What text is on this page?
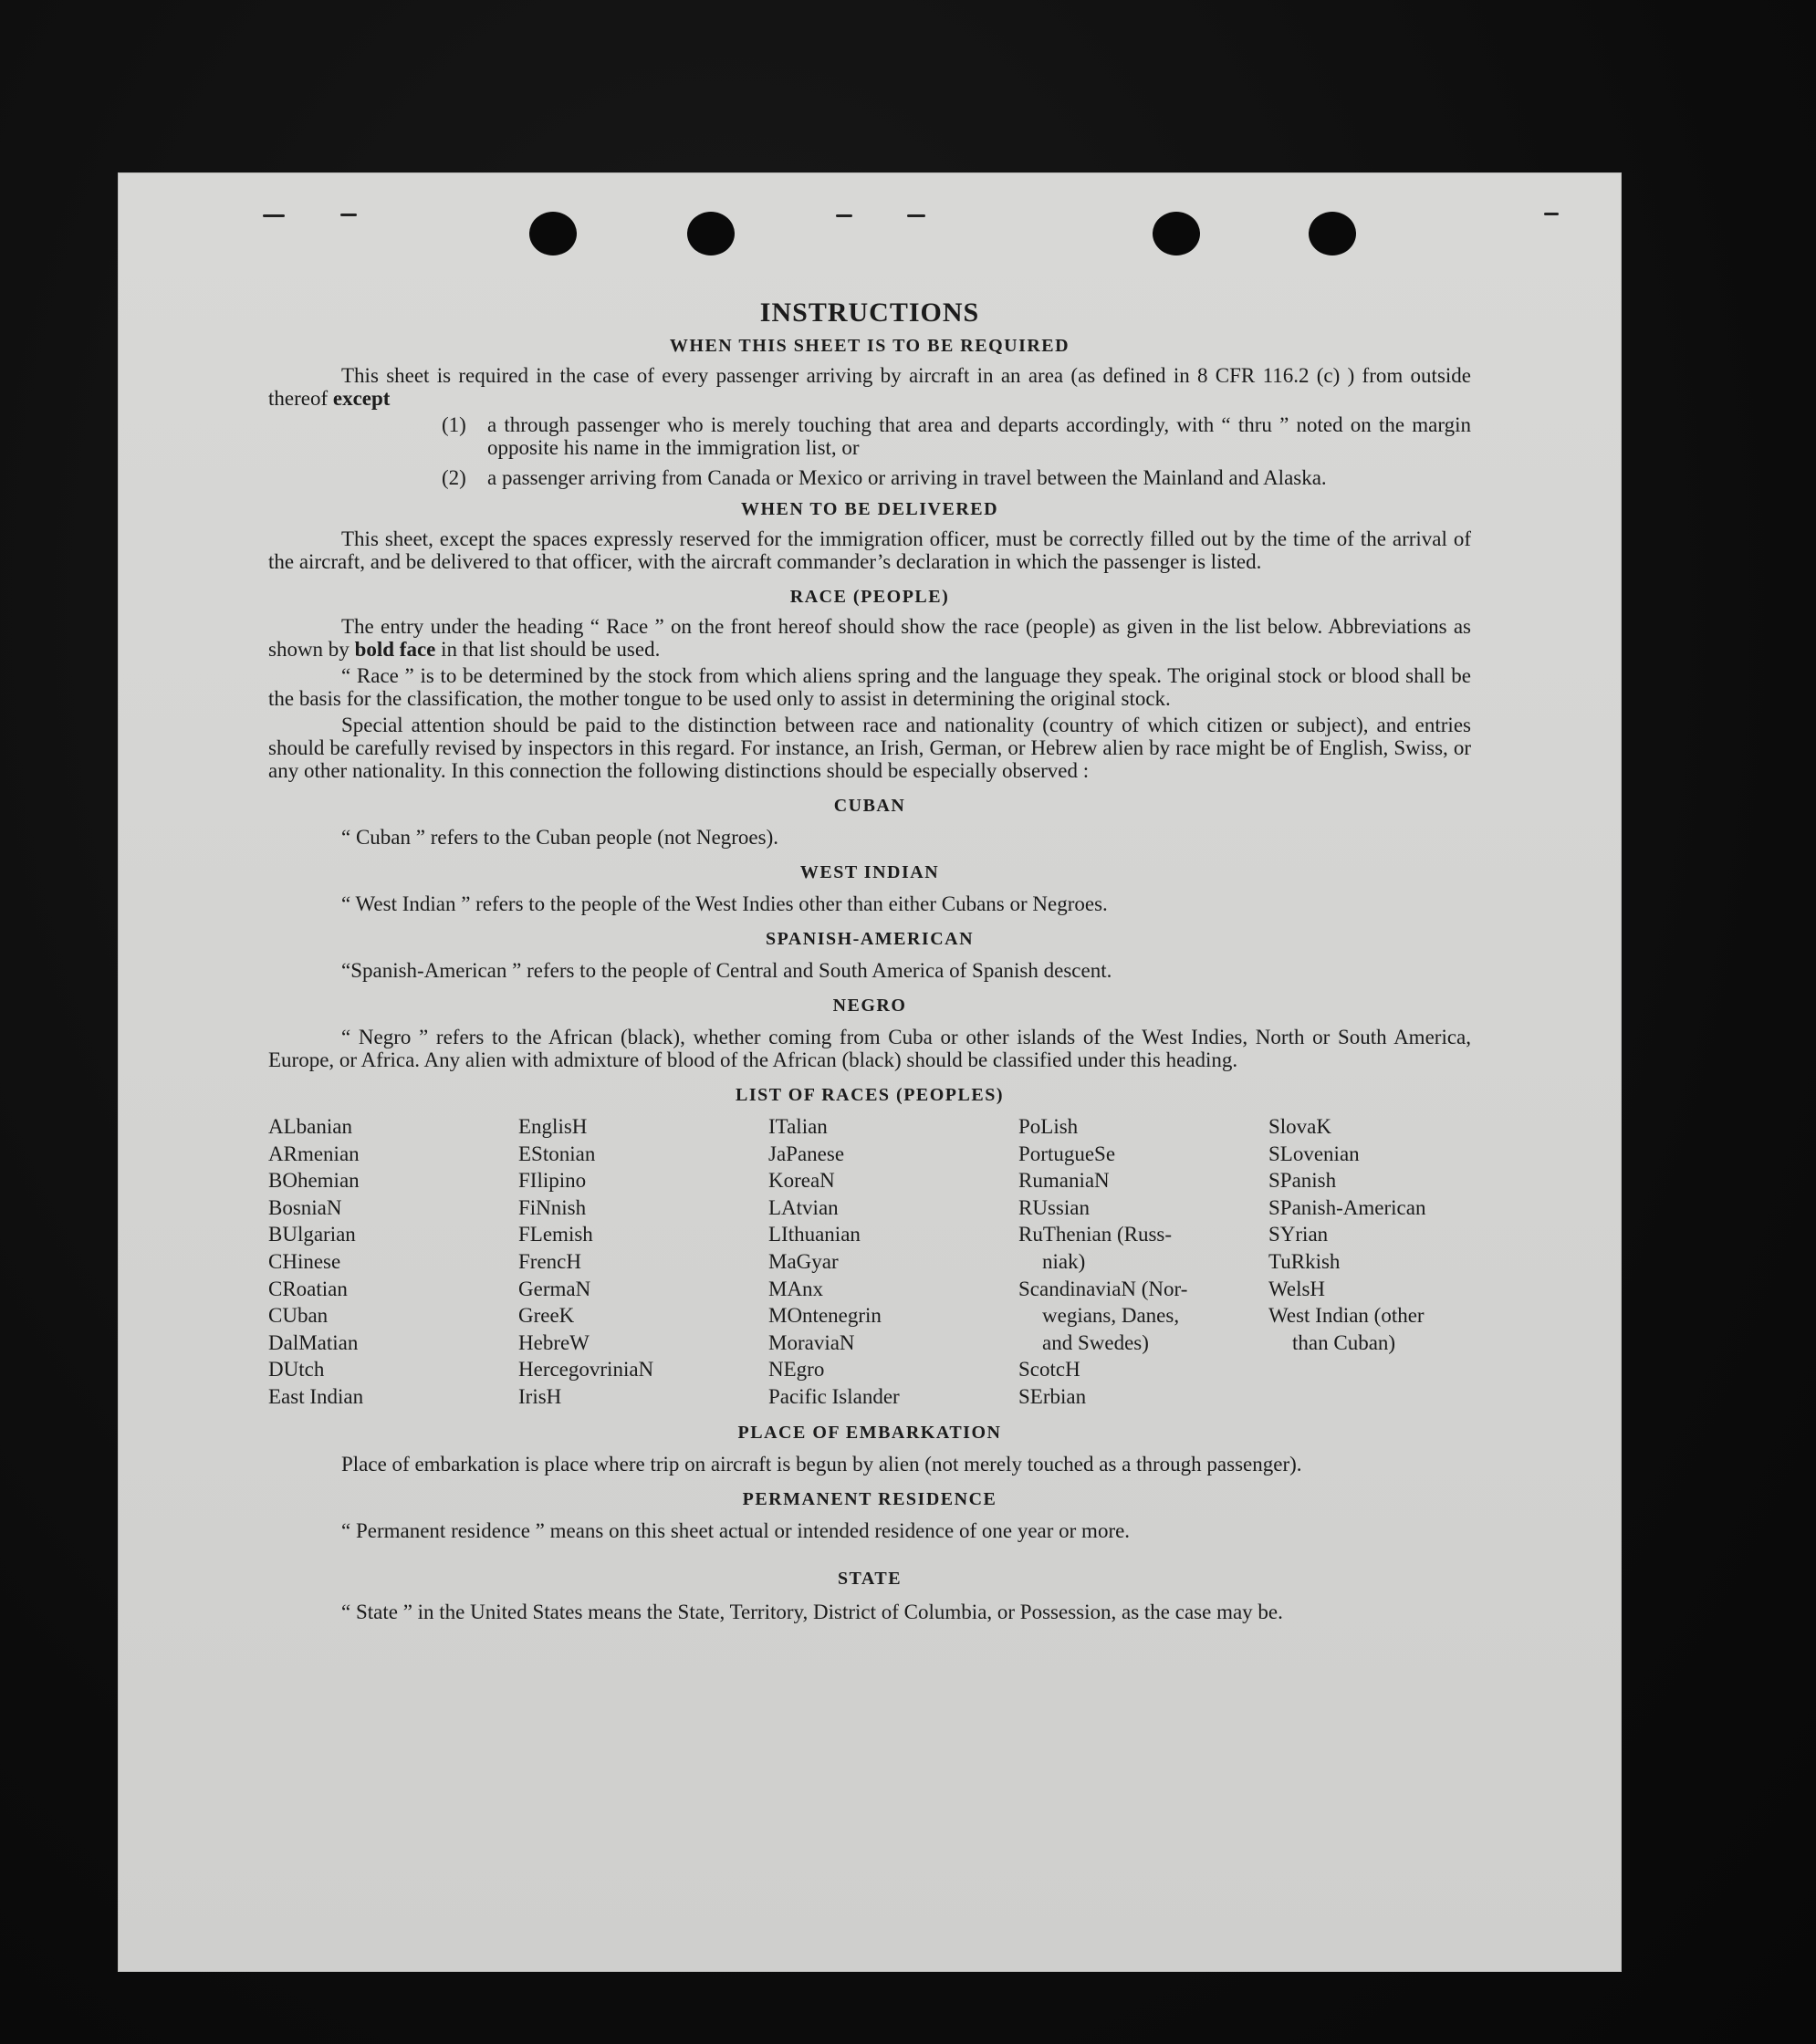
INSTRUCTIONS
WHEN THIS SHEET IS TO BE REQUIRED

This sheet is required in the case of every passenger arriving by aircraft in an area (as defined in 8 CFR 116.2 (c) ) from outside thereof except

(1) a through passenger who is merely touching that area and departs accordingly, with “ thru ” noted on the margin opposite his name in the immigration list, or

(2) a passenger arriving from Canada or Mexico or arriving in travel between the Mainland and Alaska.

WHEN TO BE DELIVERED

This sheet, except the spaces expressly reserved for the immigration officer, must be correctly filled out by the time of the arrival of the aircraft, and be delivered to that officer, with the aircraft commander’s declaration in which the passenger is listed.

RACE (PEOPLE)

The entry under the heading “ Race ” on the front hereof should show the race (people) as given in the list below. Abbreviations as shown by bold face in that list should be used.

“ Race ” is to be determined by the stock from which aliens spring and the language they speak. The original stock or blood shall be the basis for the classification, the mother tongue to be used only to assist in determining the original stock.

Special attention should be paid to the distinction between race and nationality (country of which citizen or subject), and entries should be carefully revised by inspectors in this regard. For instance, an Irish, German, or Hebrew alien by race might be of English, Swiss, or any other nationality. In this connection the following distinctions should be especially observed :

CUBAN

“ Cuban ” refers to the Cuban people (not Negroes).

WEST INDIAN

“ West Indian ” refers to the people of the West Indies other than either Cubans or Negroes.

SPANISH-AMERICAN

“Spanish-American ” refers to the people of Central and South America of Spanish descent.

NEGRO

“ Negro ” refers to the African (black), whether coming from Cuba or other islands of the West Indies, North or South America, Europe, or Africa. Any alien with admixture of blood of the African (black) should be classified under this heading.

LIST OF RACES (PEOPLES)
ALbanian
ARmenian
BOhemian
BosniaN
BUlgarian
CHinese
CRoatian
CUban
DalMatian
DUtch
East Indian
EnglisH
EStonian
FIlipino
FiNnish
FLemish
FrencH
GermaN
GreeK
HebreW
HercegovriniaN
IrisH
ITalian
JaPanese
KoreaN
LAtvian
LIthuanian
MaGyar
MAnx
MOntenegrin
MoraviaN
NEgro
Pacific Islander
PoLish
PortugueSe
RumaniaN
RUssian
RuThenian (Russ-
niak)
ScandinaviaN (Nor-
wegians, Danes,
and Swedes)
ScotcH
SErbian
SlovaK
SLovenian
SPanish
SPanish-American
SYrian
TuRkish
WelsH
West Indian (other
than Cuban)
PLACE OF EMBARKATION

Place of embarkation is place where trip on aircraft is begun by alien (not merely touched as a through passenger).

PERMANENT RESIDENCE

“ Permanent residence ” means on this sheet actual or intended residence of one year or more.

STATE

“ State ” in the United States means the State, Territory, District of Columbia, or Possession, as the case may be.
